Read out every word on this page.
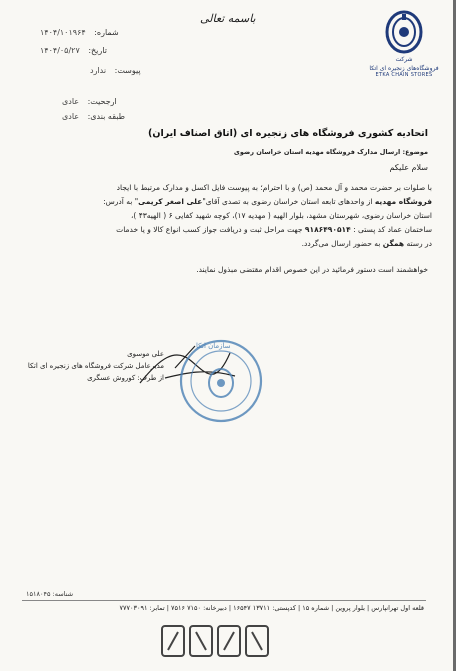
شرکت
فروشگاه‌های زنجیره ای اتکا
ETKA CHAIN STORES
باسمه تعالی
شماره: ۱۴۰۴/۱۰۱۹۶۴
تاریخ: ۱۴۰۴/۰۵/۲۷
پیوست: ندارد
ارجحیت: عادی
طبقه بندی: عادی
اتحادیه کشوری فروشگاه های زنجیره ای (اتاق اصناف ایران)
موضوع: ارسال مدارک فروشگاه مهدیه استان خراسان رضوی
سلام علیکم
با صلوات بر حضرت محمد و آل محمد (ص) و با احترام؛ به پیوست فایل اکسل و مدارک مرتبط با ایجاد
فروشگاه مهدیه از واحدهای تابعه استان خراسان رضوی به تصدی آقای"علی اصغر کریمی" به آدرس:
استان خراسان رضوی، شهرستان مشهد، بلوار الهیه ( مهدیه ۱۷)، کوچه شهید کفایی ۶ ( الهیه۴۳ )،
ساختمان عماد کد پستی : ۹۱۸۶۴۹۰۵۱۴ جهت مراحل ثبت و دریافت جواز کسب انواع کالا و یا خدمات
در رسته همگن به حضور ارسال می‌گردد.
خواهشمند است دستور فرمائید در این خصوص اقدام مقتضی مبذول نمایند.
سازمان اتکا
علی موسوی
مدیرعامل شرکت فروشگاه های زنجیره ای اتکا
از طرف: کوروش عسگری
شناسه: ۱۵۱۸۰۴۵
قلعه اول تهرانپارس | بلوار پروین | شماره ۱۵ | کدپستی: ۱۳۷۱۱ ۱۶۵۴۷ | دبیرخانه: ۷۱۵۰ ۷۵۱۶ | تمابر: ۷۷۷۰۳۰۹۱
